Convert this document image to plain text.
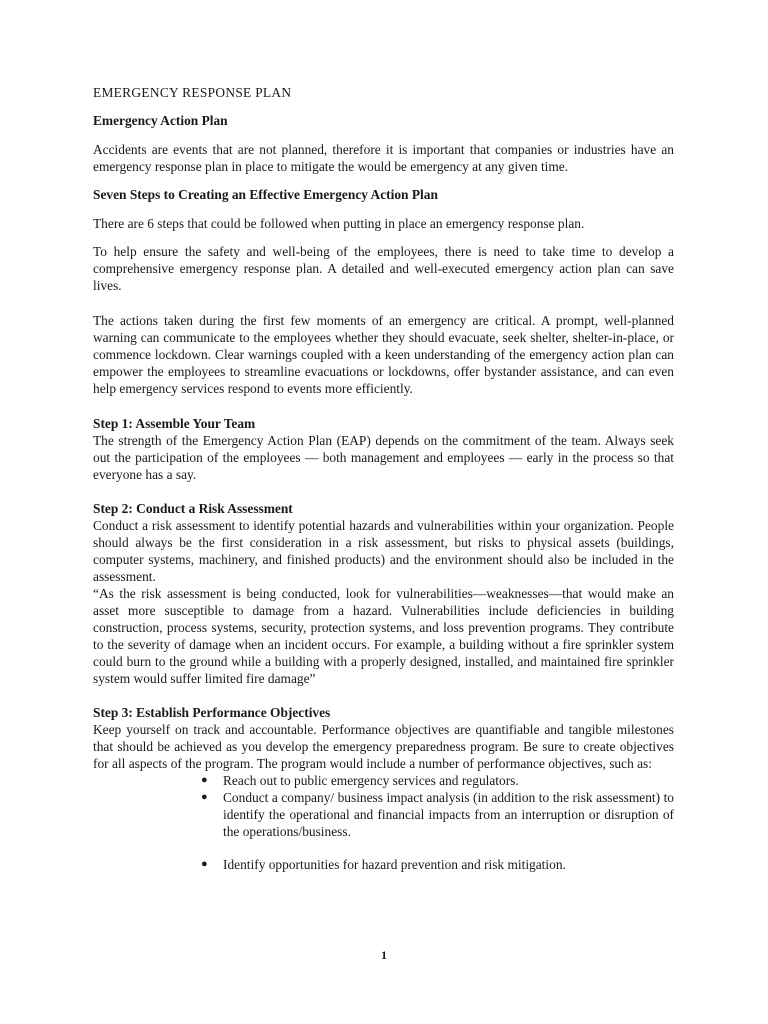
EMERGENCY RESPONSE PLAN
Emergency Action Plan

Accidents are events that are not planned, therefore it is important that companies or industries have an emergency response plan in place to mitigate the would be emergency at any given time.

Seven Steps to Creating an Effective Emergency Action Plan

There are 6 steps that could be followed when putting in place an emergency response plan.

To help ensure the safety and well-being of the employees, there is need to take time to develop a comprehensive emergency response plan. A detailed and well-executed emergency action plan can save lives.

The actions taken during the first few moments of an emergency are critical. A prompt, well-planned warning can communicate to the employees whether they should evacuate, seek shelter, shelter-in-place, or commence lockdown. Clear warnings coupled with a keen understanding of the emergency action plan can empower the employees to streamline evacuations or lockdowns, offer bystander assistance, and can even help emergency services respond to events more efficiently.

Step 1: Assemble Your Team

The strength of the Emergency Action Plan (EAP) depends on the commitment of the team. Always seek out the participation of the employees — both management and employees — early in the process so that everyone has a say.

Step 2: Conduct a Risk Assessment

Conduct a risk assessment to identify potential hazards and vulnerabilities within your organization. People should always be the first consideration in a risk assessment, but risks to physical assets (buildings, computer systems, machinery, and finished products) and the environment should also be included in the assessment.

“As the risk assessment is being conducted, look for vulnerabilities—weaknesses—that would make an asset more susceptible to damage from a hazard. Vulnerabilities include deficiencies in building construction, process systems, security, protection systems, and loss prevention programs. They contribute to the severity of damage when an incident occurs. For example, a building without a fire sprinkler system could burn to the ground while a building with a properly designed, installed, and maintained fire sprinkler system would suffer limited fire damage”

Step 3: Establish Performance Objectives

Keep yourself on track and accountable. Performance objectives are quantifiable and tangible milestones that should be achieved as you develop the emergency preparedness program. Be sure to create objectives for all aspects of the program. The program would include a number of performance objectives, such as:

● Reach out to public emergency services and regulators.
● Conduct a company/ business impact analysis (in addition to the risk assessment) to identify the operational and financial impacts from an interruption or disruption of the operations/business.
● Identify opportunities for hazard prevention and risk mitigation.
1
